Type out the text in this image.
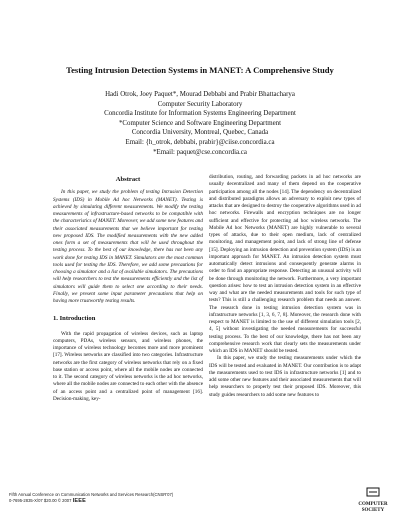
Testing Intrusion Detection Systems in MANET: A Comprehensive Study
Hadi Otrok, Joey Paquet*, Mourad Debbabi and Prabir Bhattacharya
Computer Security Laboratory
Concordia Institute for Information Systems Engineering Department
*Computer Science and Software Engineering Department
Concordia University, Montreal, Quebec, Canada
Email: {h_otrok, debbabi, prabir}@ciise.concordia.ca
*Email: paquet@cse.concordia.ca
Abstract

In this paper, we study the problem of testing Intrusion Detection Systems (IDS) in Mobile Ad hoc Networks (MANET). Testing is achieved by simulating different measurements. We modify the testing measurements of infrastructure-based networks to be compatible with the characteristics of MANET. Moreover, we add some new features and their associated measurements that we believe important for testing new proposed IDS. The modified measurements with the new added ones form a set of measurements that will be used throughout the testing process. To the best of our knowledge, there has not been any work done for testing IDS in MANET. Simulators are the most common tools used for testing the IDS. Therefore, we add some precautions for choosing a simulator and a list of available simulators. The precautions will help researchers to test the measurements efficiently and the list of simulators will guide them to select one according to their needs. Finally, we present some input parameter precautions that help on having more trustworthy testing results.

1. Introduction

With the rapid propagation of wireless devices, such as laptop computers, PDAs, wireless sensors, and wireless phones, the importance of wireless technology becomes more and more prominent [17]. Wireless networks are classified into two categories. Infrastructure networks are the first category of wireless networks that rely on a fixed base station or access point, where all the mobile nodes are connected to it. The second category of wireless networks is the ad hoc networks, where all the mobile nodes are connected to each other with the absence of an access point and a centralized point of management [16]. Decision-making, key-

distribution, routing, and forwarding packets in ad hoc networks are usually decentralized and many of them depend on the cooperative participation among all the nodes [14]. The dependency on decentralized and distributed paradigms allows an adversary to exploit new types of attacks that are designed to destroy the cooperative algorithms used in ad hoc networks. Firewalls and encryption techniques are no longer sufficient and effective for protecting ad hoc wireless networks. The Mobile Ad hoc Networks (MANET) are highly vulnerable to several types of attacks, due to their open medium, lack of centralized monitoring, and management point, and lack of strong line of defense [15]. Deploying an intrusion detection and prevention system (IDS) is an important approach for MANET. An intrusion detection system must automatically detect intrusions and consequently generate alarms in order to find an appropriate response. Detecting an unusual activity will be done through monitoring the network. Furthermore, a very important question arises: how to test an intrusion detection system in an effective way and what are the needed measurements and tools for such type of tests? This is still a challenging research problem that needs an answer. The research done in testing intrusion detection system was in infrastructure networks [1, 3, 6, 7, 8]. Moreover, the research done with respect to MANET is limited to the use of different simulation tools [2, 4, 5] without investigating the needed measurements for successful testing process. To the best of our knowledge, there has not been any comprehensive research work that clearly sets the measurements under which an IDS in MANET should be tested.

In this paper, we study the testing measurements under which the IDS will be tested and evaluated in MANET. Our contribution is to adapt the measurements used to test IDS in infrastructure networks [1] and to add some other new features and their associated measurements that will help researchers to properly test their proposed IDS. Moreover, this study guides researchers to add some new features to

Fifth Annual Conference on Communication Networks and Services Research(CNSR'07)
0-7695-2835-X/07 $20.00 © 2007 IEEE
COMPUTER
SOCIETY
